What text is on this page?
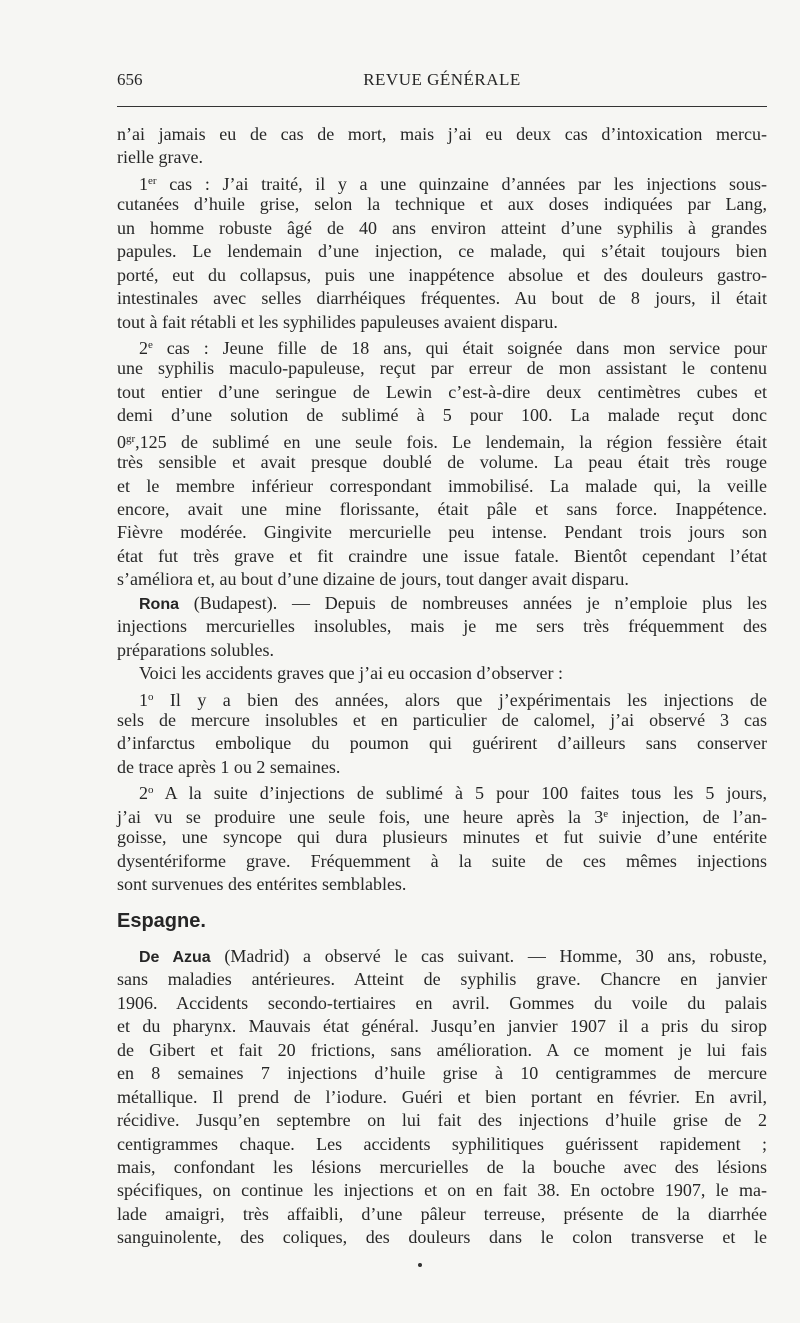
656	REVUE GÉNÉRALE
n’ai jamais eu de cas de mort, mais j’ai eu deux cas d’intoxication mercu-
rielle grave.
1er cas : J’ai traité, il y a une quinzaine d’années par les injections sous-
cutanées d’huile grise, selon la technique et aux doses indiquées par Lang,
un homme robuste âgé de 40 ans environ atteint d’une syphilis à grandes
papules. Le lendemain d’une injection, ce malade, qui s’était toujours bien
porté, eut du collapsus, puis une inappétence absolue et des douleurs gastro-
intestinales avec selles diarrhéiques fréquentes. Au bout de 8 jours, il était
tout à fait rétabli et les syphilides papuleuses avaient disparu.
2e cas : Jeune fille de 18 ans, qui était soignée dans mon service pour
une syphilis maculo-papuleuse, reçut par erreur de mon assistant le contenu
tout entier d’une seringue de Lewin c’est-à-dire deux centimètres cubes et
demi d’une solution de sublimé à 5 pour 100. La malade reçut donc
$0^{gr},125$ de sublimé en une seule fois. Le lendemain, la région fessière était
très sensible et avait presque doublé de volume. La peau était très rouge
et le membre inférieur correspondant immobilisé. La malade qui, la veille
encore, avait une mine florissante, était pâle et sans force. Inappétence.
Fièvre modérée. Gingivite mercurielle peu intense. Pendant trois jours son
état fut très grave et fit craindre une issue fatale. Bientôt cependant l’état
s’améliora et, au bout d’une dizaine de jours, tout danger avait disparu.
Rona (Budapest). — Depuis de nombreuses années je n’emploie plus les
injections mercurielles insolubles, mais je me sers très fréquemment des
préparations solubles.
Voici les accidents graves que j’ai eu occasion d’observer :
1$^o$ Il y a bien des années, alors que j’expérimentais les injections de
sels de mercure insolubles et en particulier de calomel, j’ai observé 3 cas
d’infarctus embolique du poumon qui guérirent d’ailleurs sans conserver
de trace après 1 ou 2 semaines.
2$^o$ A la suite d’injections de sublimé à 5 pour 100 faites tous les 5 jours,
j’ai vu se produire une seule fois, une heure après la 3e injection, de l’an-
goisse, une syncope qui dura plusieurs minutes et fut suivie d’une entérite
dysentériforme grave. Fréquemment à la suite de ces mêmes injections
sont survenues des entérites semblables.
Espagne.
De Azua (Madrid) a observé le cas suivant. — Homme, 30 ans, robuste,
sans maladies antérieures. Atteint de syphilis grave. Chancre en janvier
1906. Accidents secondo-tertiaires en avril. Gommes du voile du palais
et du pharynx. Mauvais état général. Jusqu’en janvier 1907 il a pris du sirop
de Gibert et fait 20 frictions, sans amélioration. A ce moment je lui fais
en 8 semaines 7 injections d’huile grise à 10 centigrammes de mercure
métallique. Il prend de l’iodure. Guéri et bien portant en février. En avril,
récidive. Jusqu’en septembre on lui fait des injections d’huile grise de 2
centigrammes chaque. Les accidents syphilitiques guérissent rapidement ;
mais, confondant les lésions mercurielles de la bouche avec des lésions
spécifiques, on continue les injections et on en fait 38. En octobre 1907, le ma-
lade amaigri, très affaibli, d’une pâleur terreuse, présente de la diarrhée
sanguinolente, des coliques, des douleurs dans le colon transverse et le
